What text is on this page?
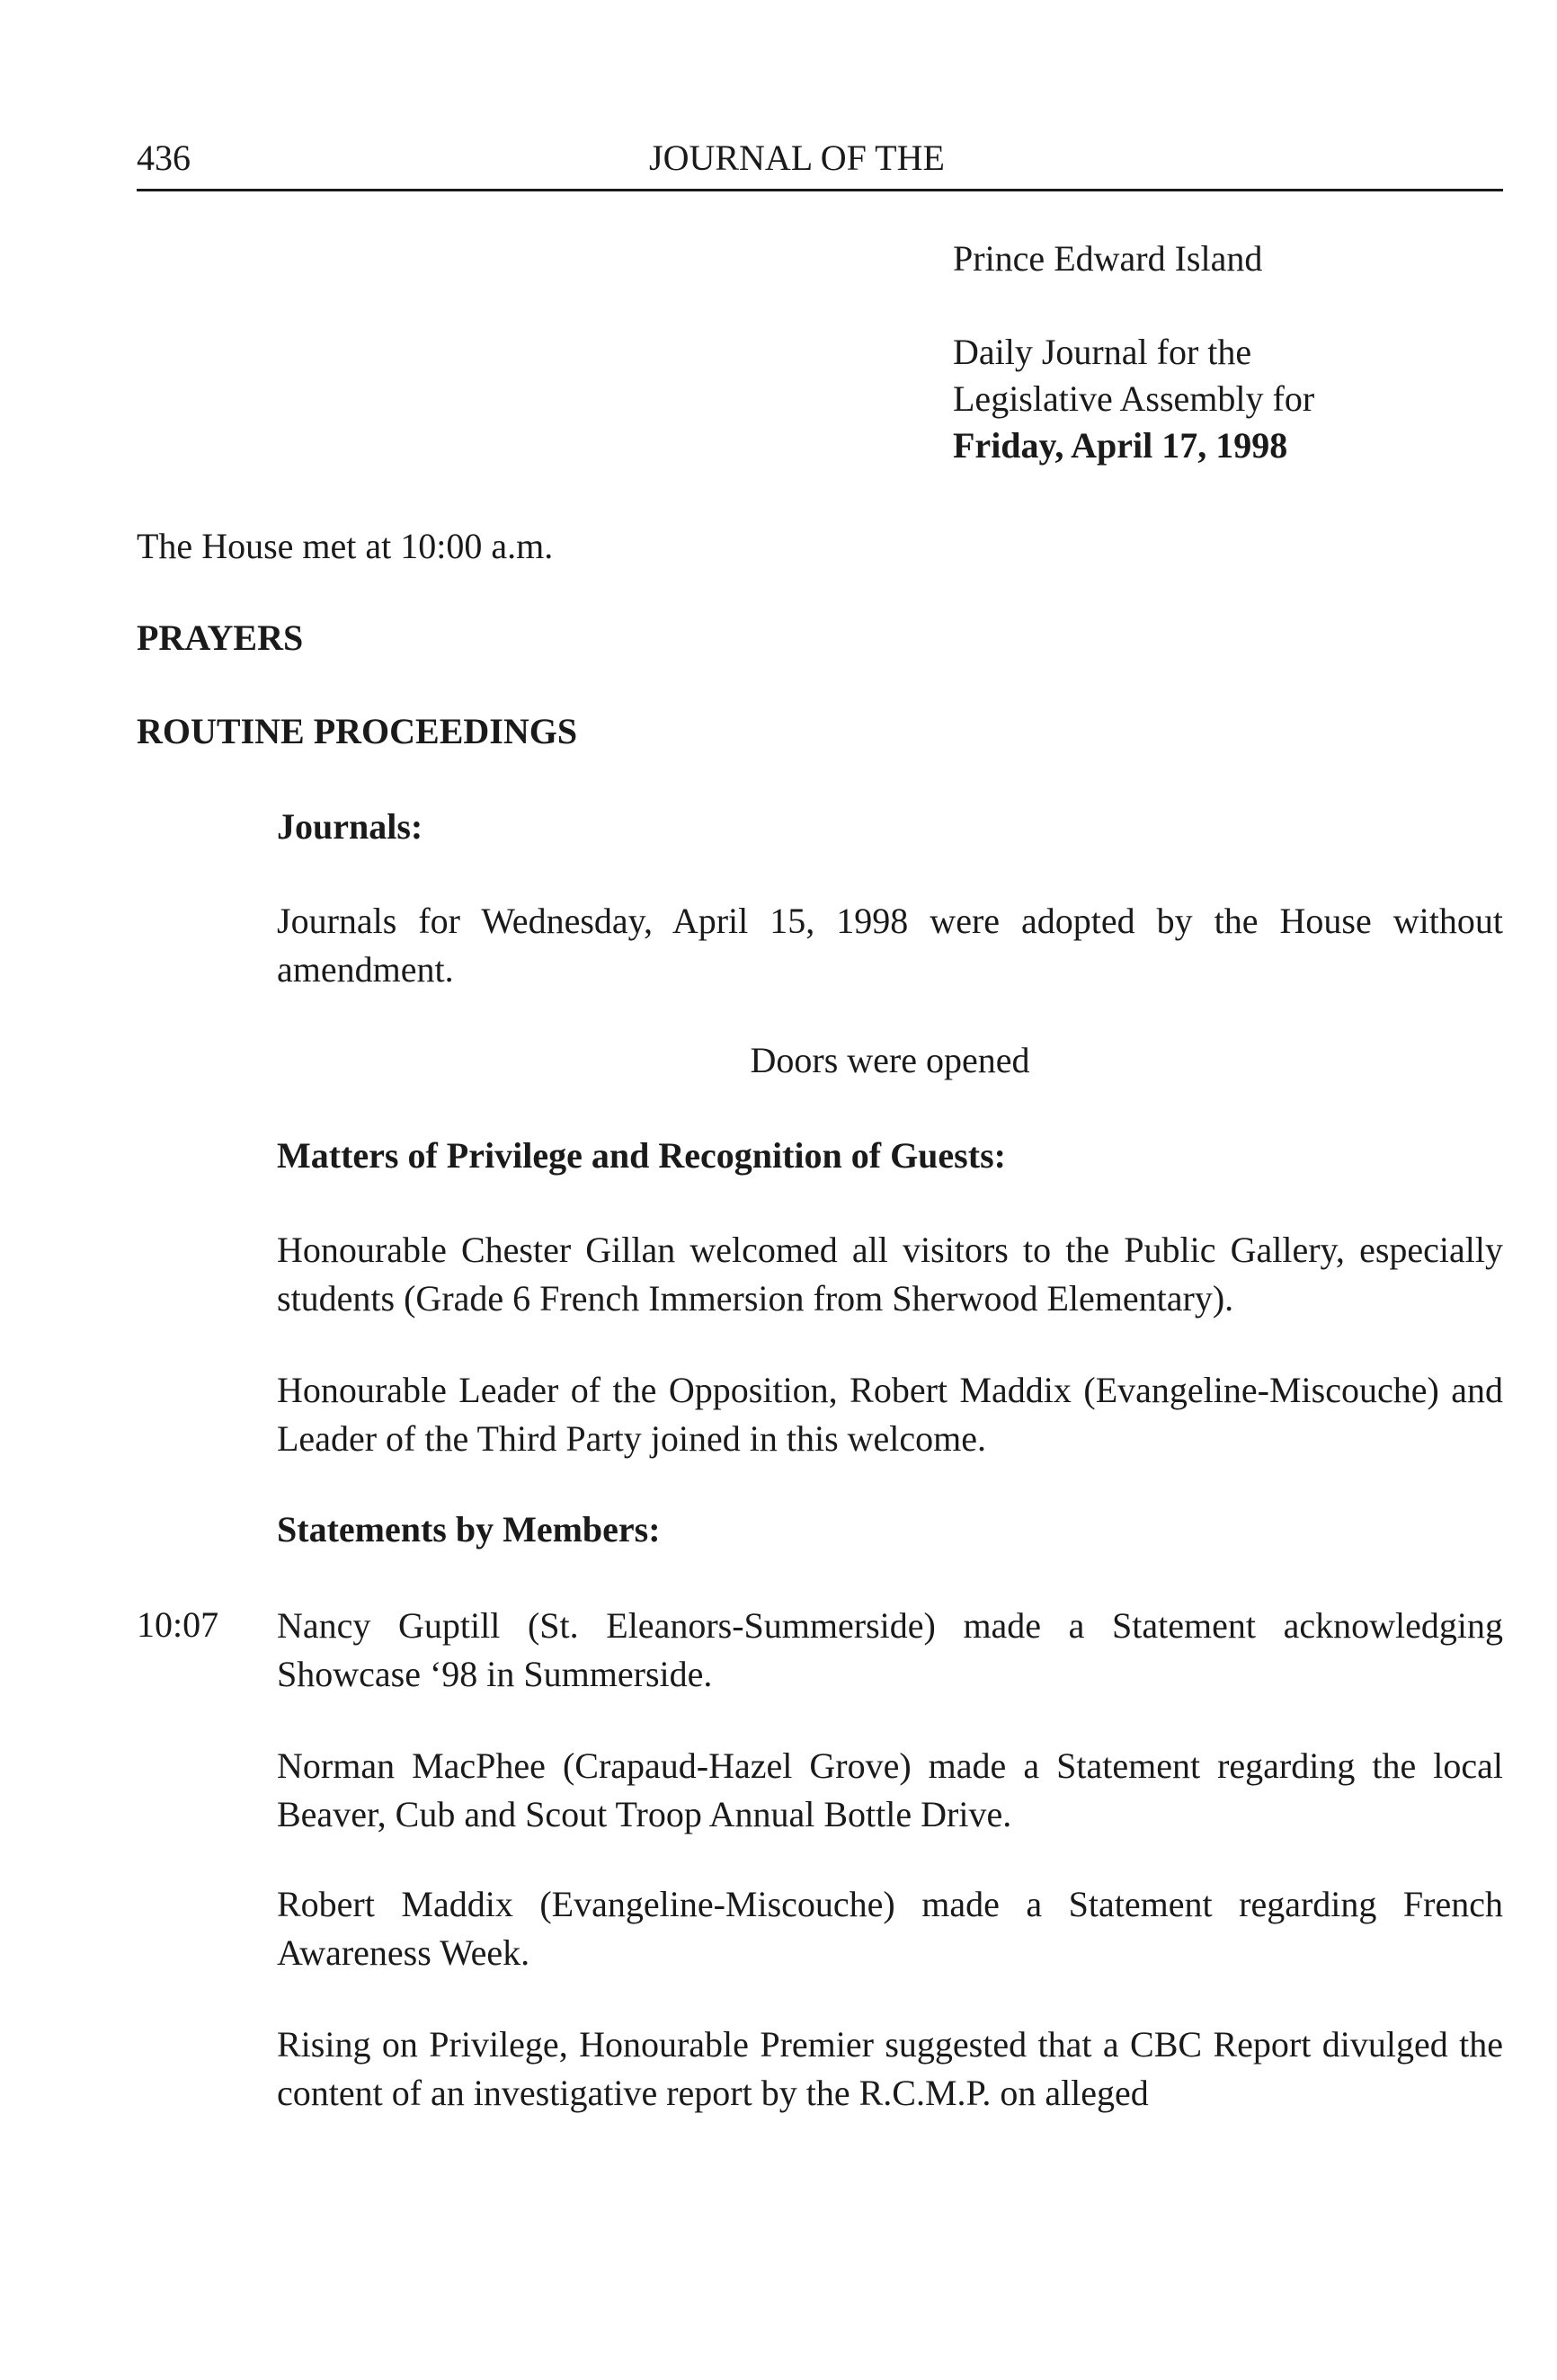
436	JOURNAL OF THE
Prince Edward Island
Daily Journal for the
Legislative Assembly for
Friday, April 17, 1998
The House met at 10:00 a.m.
PRAYERS
ROUTINE PROCEEDINGS
Journals:
Journals for Wednesday, April 15, 1998 were adopted by the House without amendment.
Doors were opened
Matters of Privilege and Recognition of Guests:
Honourable Chester Gillan welcomed all visitors to the Public Gallery, especially students (Grade 6 French Immersion from Sherwood Elementary).
Honourable Leader of the Opposition, Robert Maddix (Evangeline-Miscouche) and Leader of the Third Party joined in this welcome.
Statements by Members:
10:07 Nancy Guptill (St. Eleanors-Summerside) made a Statement acknowledging Showcase ‘98 in Summerside.
Norman MacPhee (Crapaud-Hazel Grove) made a Statement regarding the local Beaver, Cub and Scout Troop Annual Bottle Drive.
Robert Maddix (Evangeline-Miscouche) made a Statement regarding French Awareness Week.
Rising on Privilege, Honourable Premier suggested that a CBC Report divulged the content of an investigative report by the R.C.M.P. on alleged
